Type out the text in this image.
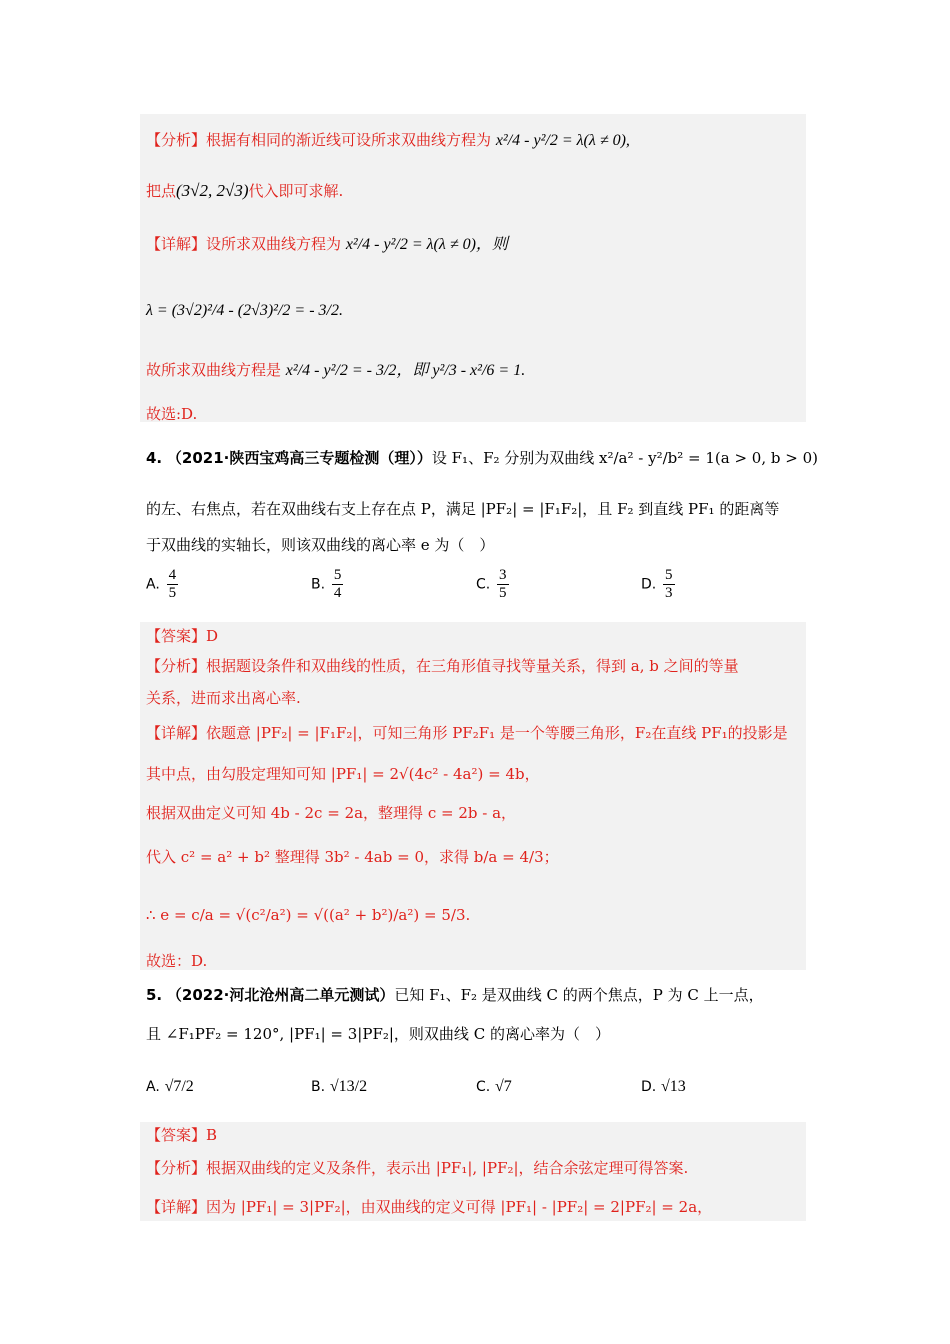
【分析】根据有相同的渐近线可设所求双曲线方程为 x²/4 - y²/2 = λ(λ ≠ 0),
把点(3√2, 2√3)代入即可求解.
【详解】设所求双曲线方程为 x²/4 - y²/2 = λ(λ ≠ 0)，则
λ = (3√2)²/4 - (2√3)²/2 = - 3/2.
故所求双曲线方程是 x²/4 - y²/2 = - 3/2，即 y²/3 - x²/6 = 1.
故选:D.
4. （2021·陕西宝鸡高三专题检测（理））设 F₁、F₂ 分别为双曲线 x²/a² - y²/b² = 1(a > 0, b > 0)
的左、右焦点，若在双曲线右支上存在点 P，满足 |PF₂| = |F₁F₂|，且 F₂ 到直线 PF₁ 的距离等
于双曲线的实轴长，则该双曲线的离心率 e 为（　）
A. $\frac{4}{5}$	B. $\frac{5}{4}$	C. $\frac{3}{5}$	D. $\frac{5}{3}$
【答案】D
【分析】根据题设条件和双曲线的性质，在三角形值寻找等量关系，得到 a, b 之间的等量
关系，进而求出离心率.
【详解】依题意 |PF₂| = |F₁F₂|，可知三角形 PF₂F₁ 是一个等腰三角形，F₂在直线 PF₁的投影是
其中点，由勾股定理知可知 |PF₁| = 2√(4c² - 4a²) = 4b，
根据双曲定义可知 4b - 2c = 2a，整理得 c = 2b - a，
代入 c² = a² + b² 整理得 3b² - 4ab = 0，求得 b/a = 4/3；
∴ e = c/a = √(c²/a²) = √((a² + b²)/a²) = 5/3.
故选：D.
5. （2022·河北沧州高二单元测试）已知 F₁、F₂ 是双曲线 C 的两个焦点，P 为 C 上一点，
且 ∠F₁PF₂ = 120°, |PF₁| = 3|PF₂|，则双曲线 C 的离心率为（　）
A. √7/2	B. √13/2	C. √7	D. √13
【答案】B
【分析】根据双曲线的定义及条件，表示出 |PF₁|, |PF₂|，结合余弦定理可得答案.
【详解】因为 |PF₁| = 3|PF₂|，由双曲线的定义可得 |PF₁| - |PF₂| = 2|PF₂| = 2a，
